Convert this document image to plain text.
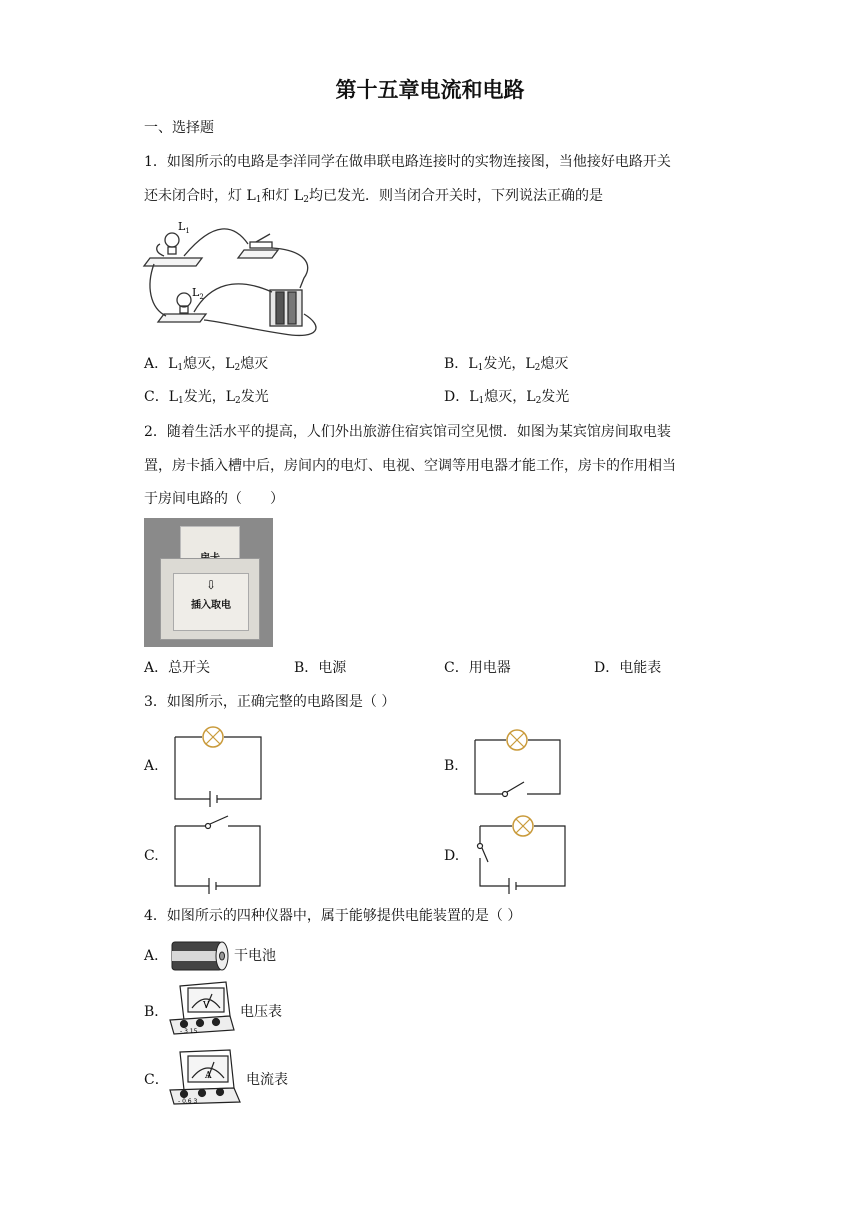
第十五章电流和电路
一、选择题
1．如图所示的电路是李洋同学在做串联电路连接时的实物连接图，当他接好电路开关
还未闭合时，灯 $L_1$和灯 $L_2$均已发光．则当闭合开关时，下列说法正确的是
$L_1$
$L_2$
A．$L_1$熄灭，$L_2$熄灭	B．$L_1$发光，$L_2$熄灭
C．$L_1$发光，$L_2$发光	D．$L_1$熄灭，$L_2$发光
2．随着生活水平的提高，人们外出旅游住宿宾馆司空见惯．如图为某宾馆房间取电装
置，房卡插入槽中后，房间内的电灯、电视、空调等用电器才能工作，房卡的作用相当
于房间电路的（　　）
⇩
插入取电
A．总开关	B．电源	C．用电器	D．电能表
3．如图所示，正确完整的电路图是（ ）
A.	B.
C.	D.
4．如图所示的四种仪器中，属于能够提供电能装置的是（ ）
A．	干电池
B．	V
- 3 15
电压表
C．	A
- 0.6 3
电流表
